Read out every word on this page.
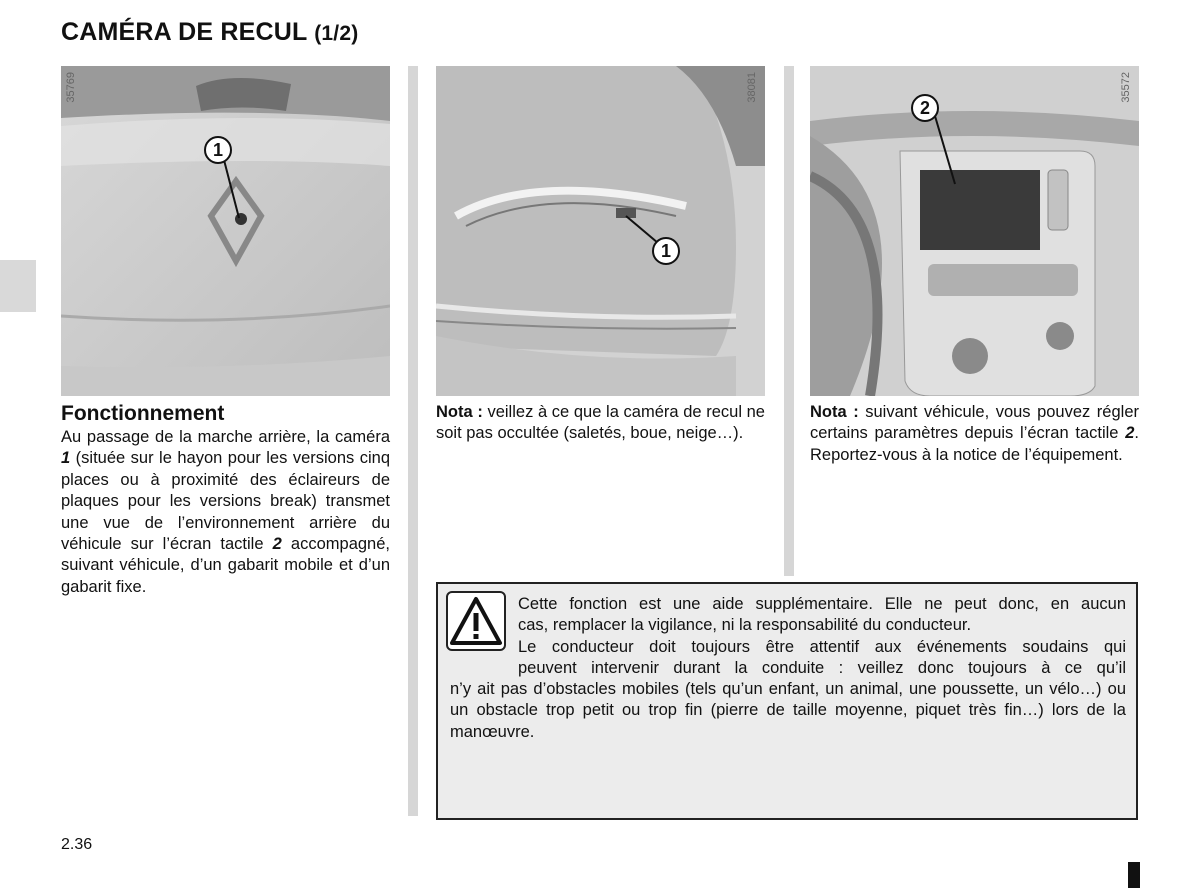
CAMÉRA DE RECUL (1/2)
35769
1
38081
1
35572
2
Fonctionnement
Au passage de la marche arrière, la caméra 1 (située sur le hayon pour les versions cinq places ou à proximité des éclaireurs de plaques pour les versions break) transmet une vue de l’environnement arrière du véhicule sur l’écran tactile 2 accompagné, suivant véhicule, d’un gabarit mobile et d’un gabarit fixe.
Nota : veillez à ce que la caméra de recul ne soit pas occultée (saletés, boue, neige…).
Nota : suivant véhicule, vous pouvez régler certains paramètres depuis l’écran tactile 2. Reportez-vous à la notice de l’équipement.
Cette fonction est une aide supplémentaire. Elle ne peut donc, en aucun
cas, remplacer la vigilance, ni la responsabilité du conducteur.
Le conducteur doit toujours être attentif aux événements soudains qui
peuvent intervenir durant la conduite : veillez donc toujours à ce qu’il
n’y ait pas d’obstacles mobiles (tels qu’un enfant, un animal, une poussette, un vélo…) ou un obstacle trop petit ou trop fin (pierre de taille moyenne, piquet très fin…) lors de la manœuvre.
2.36
